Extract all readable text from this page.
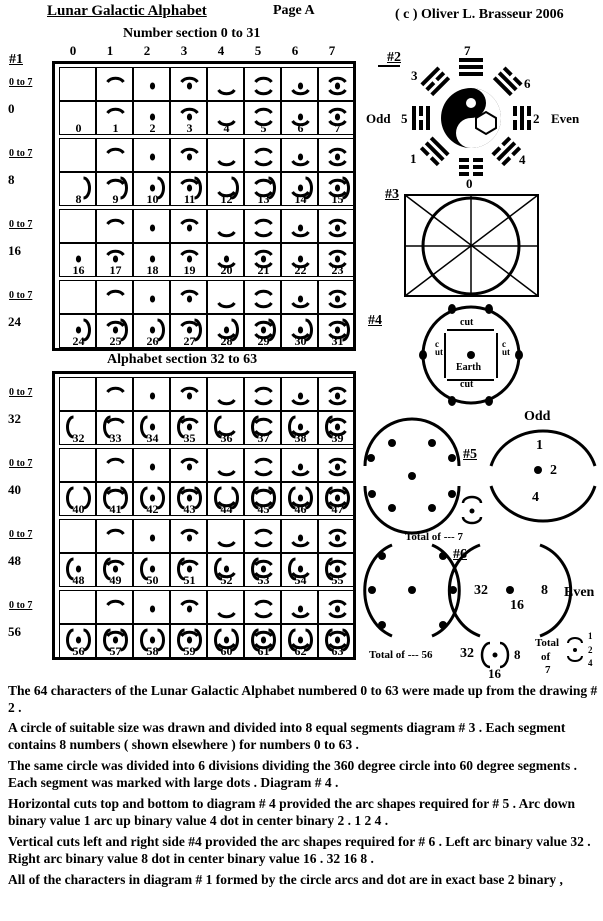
Lunar Galactic Alphabet	Page A	( c ) Oliver L. Brasseur 2006
Number section 0 to 31
Alphabet section 32 to 63
#1
0	1	2	3	4	5	6	7
0	1	2	3	4	5	6	7
8	9	10	11	12	13	14	15
16	17	18	19	20	21	22	23
24	25	26	27	28	29	30	31
32	33	34	35	36	37	38	39
40	41	42	43	44	45	46	47
48	49	50	51	52	53	54	55
56	57	58	59	60	61	62	63
0 to 7
0
0 to 7
8
0 to 7
16
0 to 7
24
0 to 7
32
0 to 7
40
0 to 7
48
0 to 7
56
#2	7
3
6
Odd 5	2 Even
1	4
0
#3
#4	cut
cut
cut
cut
Earth
Odd
#5
1
2
4
Total of --- 7
#6
32
16
8 Even
Total of --- 56 32
16
8
Total
of
7
1
2
4
The 64 characters of the Lunar Galactic Alphabet numbered 0 to 63 were made up from the drawing # 2 .
A circle of suitable size was drawn and divided into 8 equal segments diagram # 3 . Each segment contains 8 numbers ( shown elsewhere ) for numbers 0 to 63 .
The same circle was divided into 6 divisions dividing the 360 degree circle into 60 degree segments . Each segment was marked with large dots . Diagram # 4 .
Horizontal cuts top and bottom to diagram # 4 provided the arc shapes required for # 5 . Arc down binary value 1 arc up binary value 4 dot in center binary 2 . 1 2 4 .
Vertical cuts left and right side #4 provided the arc shapes required for # 6 . Left arc binary value 32 . Right arc binary value 8 dot in center binary value 16 . 32 16 8 .
All of the characters in diagram # 1 formed by the circle arcs and dot are in exact base 2 binary ,
